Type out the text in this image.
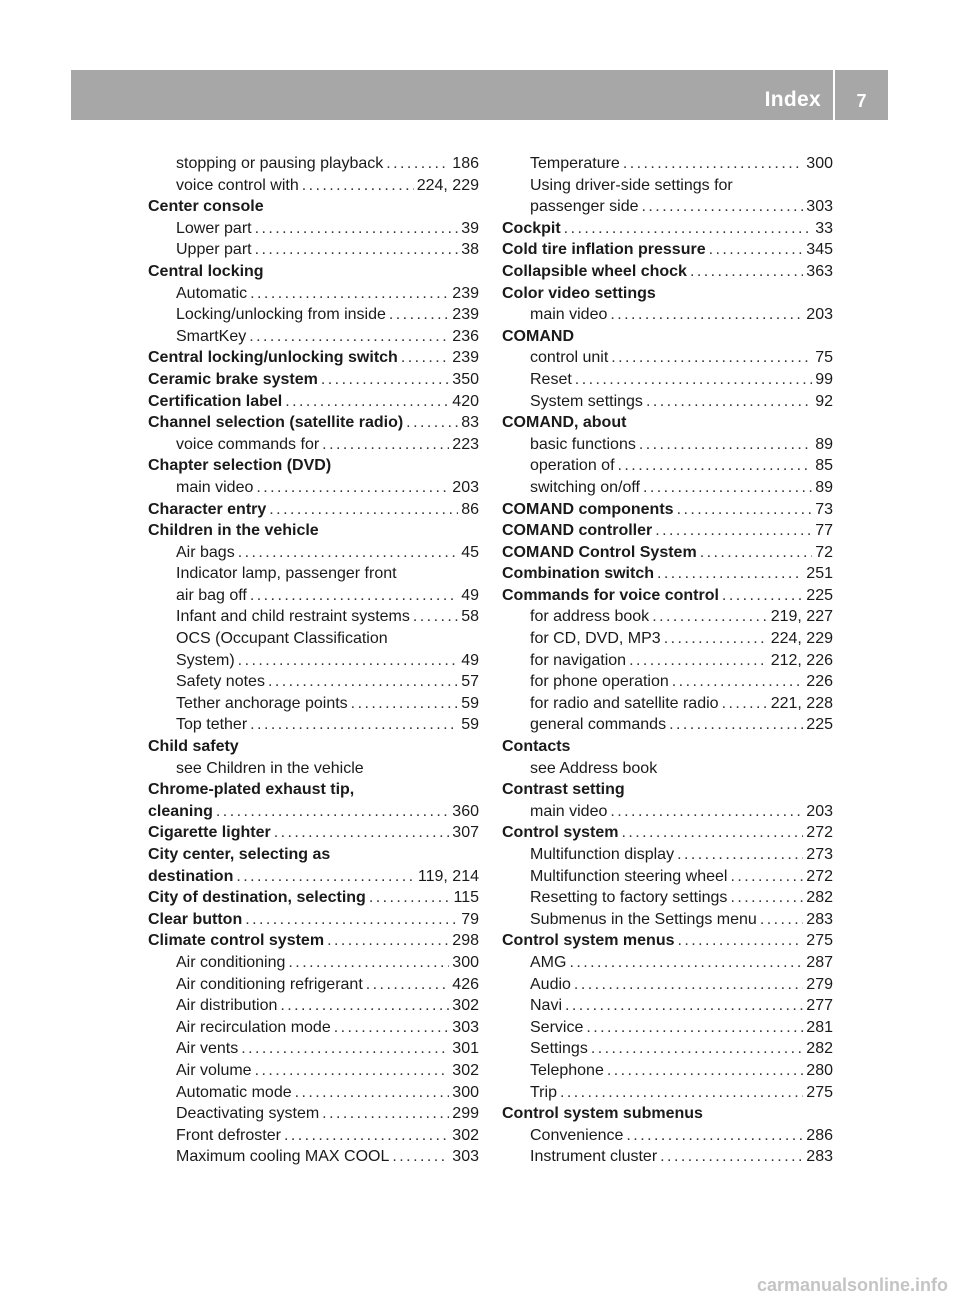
Index	7
stopping or pausing playback . . .	186
voice control with . . .	224, 229
Center console
Lower part . . .	39
Upper part . . .	38
Central locking
Automatic . . .	239
Locking/unlocking from inside . . .	239
SmartKey . . .	236
Central locking/unlocking switch . . .	239
Ceramic brake system . . .	350
Certification label . . .	420
Channel selection (satellite radio) . . .	83
voice commands for . . .	223
Chapter selection (DVD)
main video . . .	203
Character entry . . .	86
Children in the vehicle
Air bags . . .	45
Indicator lamp, passenger front
air bag off . . .	49
Infant and child restraint systems . . .	58
OCS (Occupant Classification
System) . . .	49
Safety notes . . .	57
Tether anchorage points . . .	59
Top tether . . .	59
Child safety
see Children in the vehicle
Chrome-plated exhaust tip,
cleaning . . .	360
Cigarette lighter . . .	307
City center, selecting as
destination . . .	119, 214
City of destination, selecting . . .	115
Clear button . . .	79
Climate control system . . .	298
Air conditioning . . .	300
Air conditioning refrigerant . . .	426
Air distribution . . .	302
Air recirculation mode . . .	303
Air vents . . .	301
Air volume . . .	302
Automatic mode . . .	300
Deactivating system . . .	299
Front defroster . . .	302
Maximum cooling MAX COOL . . .	303
Temperature . . .	300
Using driver-side settings for
passenger side . . .	303
Cockpit . . .	33
Cold tire inflation pressure . . .	345
Collapsible wheel chock . . .	363
Color video settings
main video . . .	203
COMAND
control unit . . .	75
Reset . . .	99
System settings . . .	92
COMAND, about
basic functions . . .	89
operation of . . .	85
switching on/off . . .	89
COMAND components . . .	73
COMAND controller . . .	77
COMAND Control System . . .	72
Combination switch . . .	251
Commands for voice control . . .	225
for address book . . .	219, 227
for CD, DVD, MP3 . . .	224, 229
for navigation . . .	212, 226
for phone operation . . .	226
for radio and satellite radio . . .	221, 228
general commands . . .	225
Contacts
see Address book
Contrast setting
main video . . .	203
Control system . . .	272
Multifunction display . . .	273
Multifunction steering wheel . . .	272
Resetting to factory settings . . .	282
Submenus in the Settings menu . . .	283
Control system menus . . .	275
AMG . . .	287
Audio . . .	279
Navi . . .	277
Service . . .	281
Settings . . .	282
Telephone . . .	280
Trip . . .	275
Control system submenus
Convenience . . .	286
Instrument cluster . . .	283
carmanualsonline.info
